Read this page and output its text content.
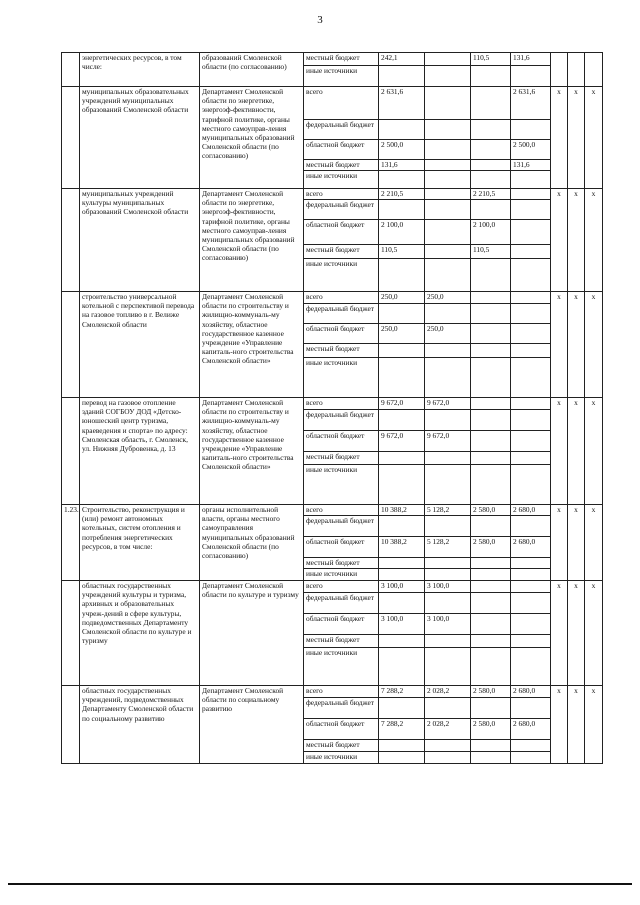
3
	энергетических ресурсов, в том числе:	образований Смоленской области (по согласованию)	местный бюджет	242,1		110,5	131,6			
			иные источники							
	муниципальных образовательных учреждений муниципальных образований Смоленской области	Департамент Смоленской области по энергетике, энергоэф-фективности, тарифной политике, органы местного самоупрaв-ления муниципальных образований Смоленской области (по согласованию)	всего	2 631,6			2 631,6	x	x	x
			федеральный бюджет							
			областной бюджет	2 500,0			2 500,0			
			местный бюджет	131,6			131,6			
			иные источники							
	муниципальных учреждений культуры муниципальных образований Смоленской области	Департамент Смоленской области по энергетике, энергоэф-фективности, тарифной политике, органы местного самоупрaв-ления муниципальных образований Смоленской области (по согласованию)	всего	2 210,5		2 210,5		x	x	x
			федеральный бюджет							
			областной бюджет	2 100,0		2 100,0				
			местный бюджет	110,5		110,5				
			иные источники							
	строительство универсальной котельной с перспективой перевода на газовое топливо в г. Велиже Смоленской области	Департамент Смоленской области по строительству и жилищно-коммуналь-му хозяйству, областное государственное казенное учреждение «Управление капиталь-ного строительства Смоленской области»	всего	250,0	250,0			x	x	x
			федеральный бюджет							
			областной бюджет	250,0	250,0					
			местный бюджет							
			иные источники							
	перевод на газовое отопление зданий СОГБОУ ДОД «Детско-юношеский центр туризма, краеведения и спорта» по адресу: Смоленская область, г. Смоленск, ул. Нижняя Дубровенка, д. 13	Департамент Смоленской области по строительству и жилищно-коммуналь-му хозяйству, областное государственное казенное учреждение «Управление капиталь-ного строительства Смоленской области»	всего	9 672,0	9 672,0			x	x	x
			федеральный бюджет							
			областной бюджет	9 672,0	9 672,0					
			местный бюджет							
			иные источники							
1.23.	Строительство, реконструкция и (или) ремонт автономных котельных, систем отопления и потребления энергетических ресурсов, в том числе:	органы исполнительной власти, органы местного самоуправления муниципальных образований Смоленской области (по согласованию)	всего	10 388,2	5 128,2	2 580,0	2 680,0	x	x	x
			федеральный бюджет							
			областной бюджет	10 388,2	5 128,2	2 580,0	2 680,0			
			местный бюджет							
			иные источники							
	областных государственных учреждений культуры и туризма, архивных и образовательных учреж-дений в сфере культуры, подведомственных Департаменту Смоленской области по культуре и туризму	Департамент Смоленской области по культуре и туризму	всего	3 100,0	3 100,0			x	x	x
			федеральный бюджет							
			областной бюджет	3 100,0	3 100,0					
			местный бюджет							
			иные источники							
	областных государственных учреждений, подведомственных Департаменту Смоленской области по социальному развитию	Департамент Смоленской области по социальному развитию	всего	7 288,2	2 028,2	2 580,0	2 680,0	x	x	x
			федеральный бюджет							
			областной бюджет	7 288,2	2 028,2	2 580,0	2 680,0			
			местный бюджет							
			иные источники							
